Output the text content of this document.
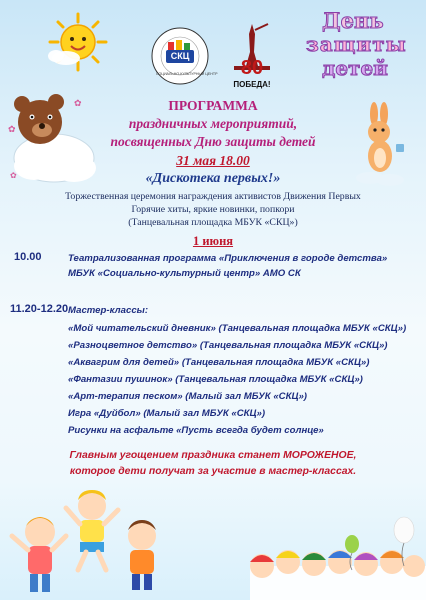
СКЦ
СОЦИАЛЬНО-КУЛЬТУРНЫЙ ЦЕНТР	80
ПОБЕДА!
День
защиты
детей
✿
✿
✿
ПРОГРАММА
праздничных мероприятий,
посвященных Дню защиты детей
31 мая 18.00
«Дискотека первых!»
Торжественная церемония награждения активистов Движения Первых
Горячие хиты, яркие новинки, попкори
(Танцевальная площадка МБУК «СКЦ»)
1 июня
10.00	Театрализованная программа «Приключения в городе детства»
МБУК «Социально-культурный центр» АМО СК
11.20-12.20 Мастер-классы:
«Мой читательский дневник» (Танцевальная площадка МБУК «СКЦ»)
«Разноцветное детство» (Танцевальная площадка МБУК «СКЦ»)
«Аквагрим для детей» (Танцевальная площадка МБУК «СКЦ»)
«Фантазии пушинок» (Танцевальная площадка МБУК «СКЦ»)
«Арт-терапия песком» (Малый зал МБУК «СКЦ»)
Игра «Дуйбол» (Малый зал МБУК «СКЦ»)
Рисунки на асфальте «Пусть всегда будет солнце»
Главным угощением праздника станет МОРОЖЕНОЕ,
которое дети получат за участие в мастер-классах.
